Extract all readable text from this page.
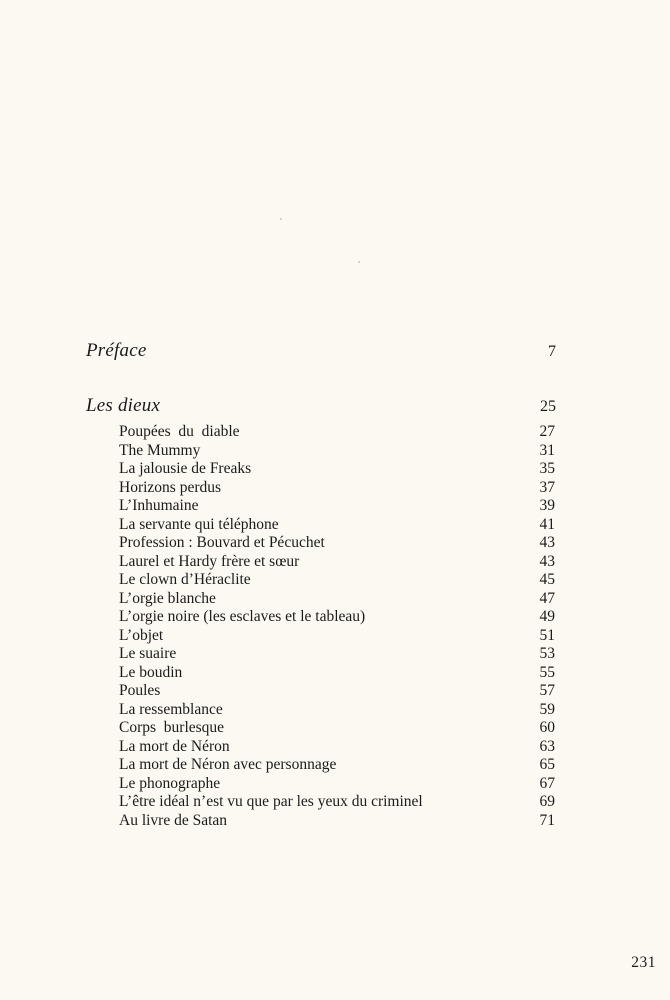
Préface	7
Les dieux	25
Poupées  du  diable	27
The Mummy	31
La jalousie de Freaks	35
Horizons perdus	37
L’Inhumaine	39
La servante qui téléphone	41
Profession : Bouvard et Pécuchet	43
Laurel et Hardy frère et sœur	43
Le clown d’Héraclite	45
L’orgie blanche	47
L’orgie noire (les esclaves et le tableau)	49
L’objet	51
Le suaire	53
Le boudin	55
Poules	57
La ressemblance	59
Corps  burlesque	60
La mort de Néron	63
La mort de Néron avec personnage	65
Le phonographe	67
L’être idéal n’est vu que par les yeux du criminel	69
Au livre de Satan	71
231
